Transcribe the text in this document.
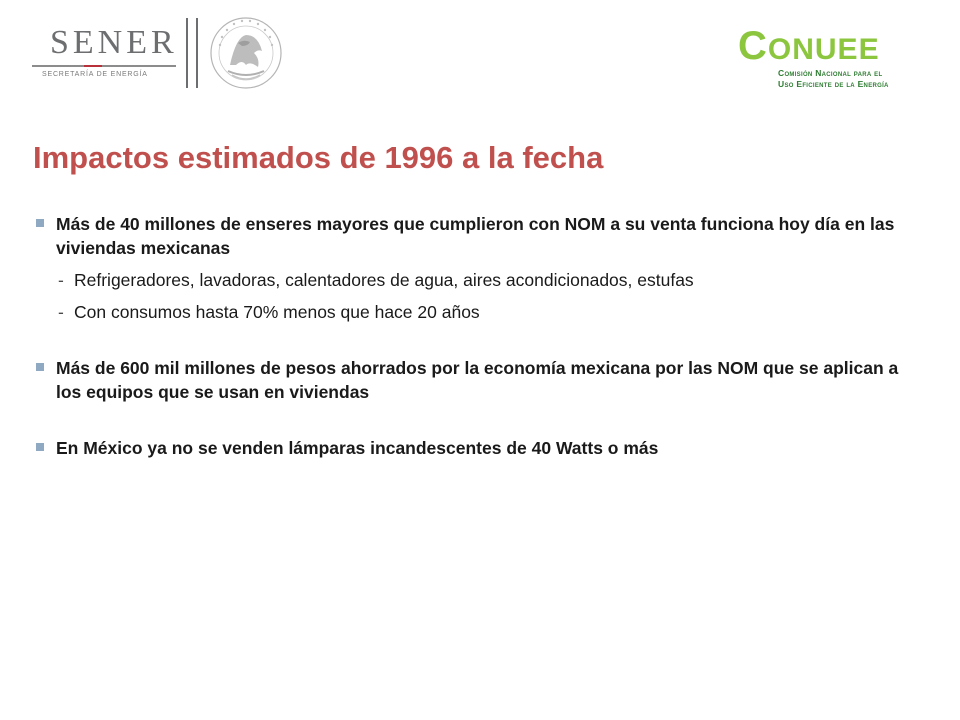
SENER
SECRETARÍA DE ENERGÍA
CONUEE
Comisión Nacional para el
Uso Eficiente de la Energía
Impactos estimados de 1996 a la fecha
Más de 40 millones de enseres mayores que cumplieron con NOM a su venta funciona hoy día en las viviendas mexicanas
- Refrigeradores, lavadoras, calentadores de agua, aires acondicionados, estufas
- Con consumos hasta 70% menos que hace 20 años
Más de 600 mil millones de pesos ahorrados por la economía mexicana por las NOM que se aplican a los equipos que se usan en viviendas
En México ya no se venden lámparas incandescentes de 40 Watts o más
